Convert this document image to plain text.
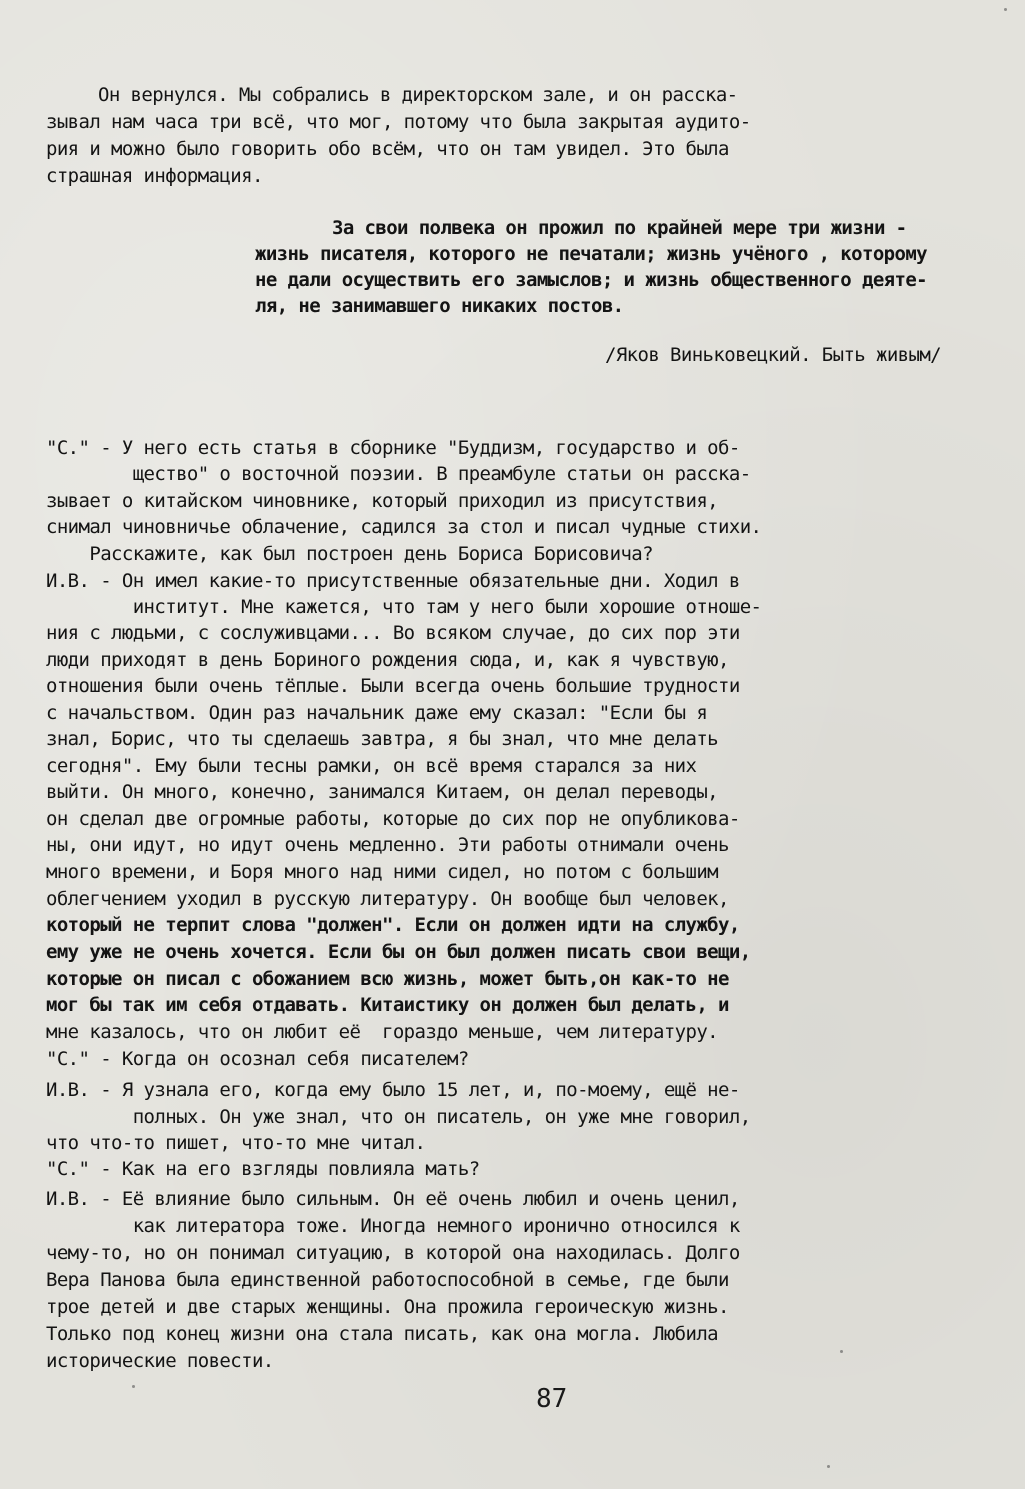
Он вернулся. Мы собрались в директорском зале, и он расска-
зывал нам часа три всё, что мог, потому что была закрытая аудито-
рия и можно было говорить обо всём, что он там увидел. Это была
страшная информация.
За свои полвека он прожил по крайней мере три жизни -
жизнь писателя, которого не печатали; жизнь учёного , которому
не дали осуществить его замыслов; и жизнь общественного деяте-
ля, не занимавшего никаких постов.
/Яков Виньковецкий. Быть живым/
"С." - У него есть статья в сборнике "Буддизм, государство и об-
щество" о восточной поэзии. В преамбуле статьи он расска-
зывает о китайском чиновнике, который приходил из присутствия,
снимал чиновничье облачение, садился за стол и писал чудные стихи.
Расскажите, как был построен день Бориса Борисовича?
И.В. - Он имел какие-то присутственные обязательные дни. Ходил в
институт. Мне кажется, что там у него были хорошие отноше-
ния с людьми, с сослуживцами... Во всяком случае, до сих пор эти
люди приходят в день Бориного рождения сюда, и, как я чувствую,
отношения были очень тёплые. Были всегда очень большие трудности
с начальством. Один раз начальник даже ему сказал: "Если бы я
знал, Борис, что ты сделаешь завтра, я бы знал, что мне делать
сегодня". Ему были тесны рамки, он всё время старался за них
выйти. Он много, конечно, занимался Китаем, он делал переводы,
он сделал две огромные работы, которые до сих пор не опубликова-
ны, они идут, но идут очень медленно. Эти работы отнимали очень
много времени, и Боря много над ними сидел, но потом с большим
облегчением уходил в русскую литературу. Он вообще был человек,
который не терпит слова "должен". Если он должен идти на службу,
ему уже не очень хочется. Если бы он был должен писать свои вещи,
которые он писал с обожанием всю жизнь, может быть,он как-то не
мог бы так им себя отдавать. Китаистику он должен был делать, и
мне казалось, что он любит её  гораздо меньше, чем литературу.
"С." - Когда он осознал себя писателем?
И.В. - Я узнала его, когда ему было 15 лет, и, по-моему, ещё не-
полных. Он уже знал, что он писатель, он уже мне говорил,
что что-то пишет, что-то мне читал.
"С." - Как на его взгляды повлияла мать?
И.В. - Её влияние было сильным. Он её очень любил и очень ценил,
как литератора тоже. Иногда немного иронично относился к
чему-то, но он понимал ситуацию, в которой она находилась. Долго
Вера Панова была единственной работоспособной в семье, где были
трое детей и две старых женщины. Она прожила героическую жизнь.
Только под конец жизни она стала писать, как она могла. Любила
исторические повести.
87
